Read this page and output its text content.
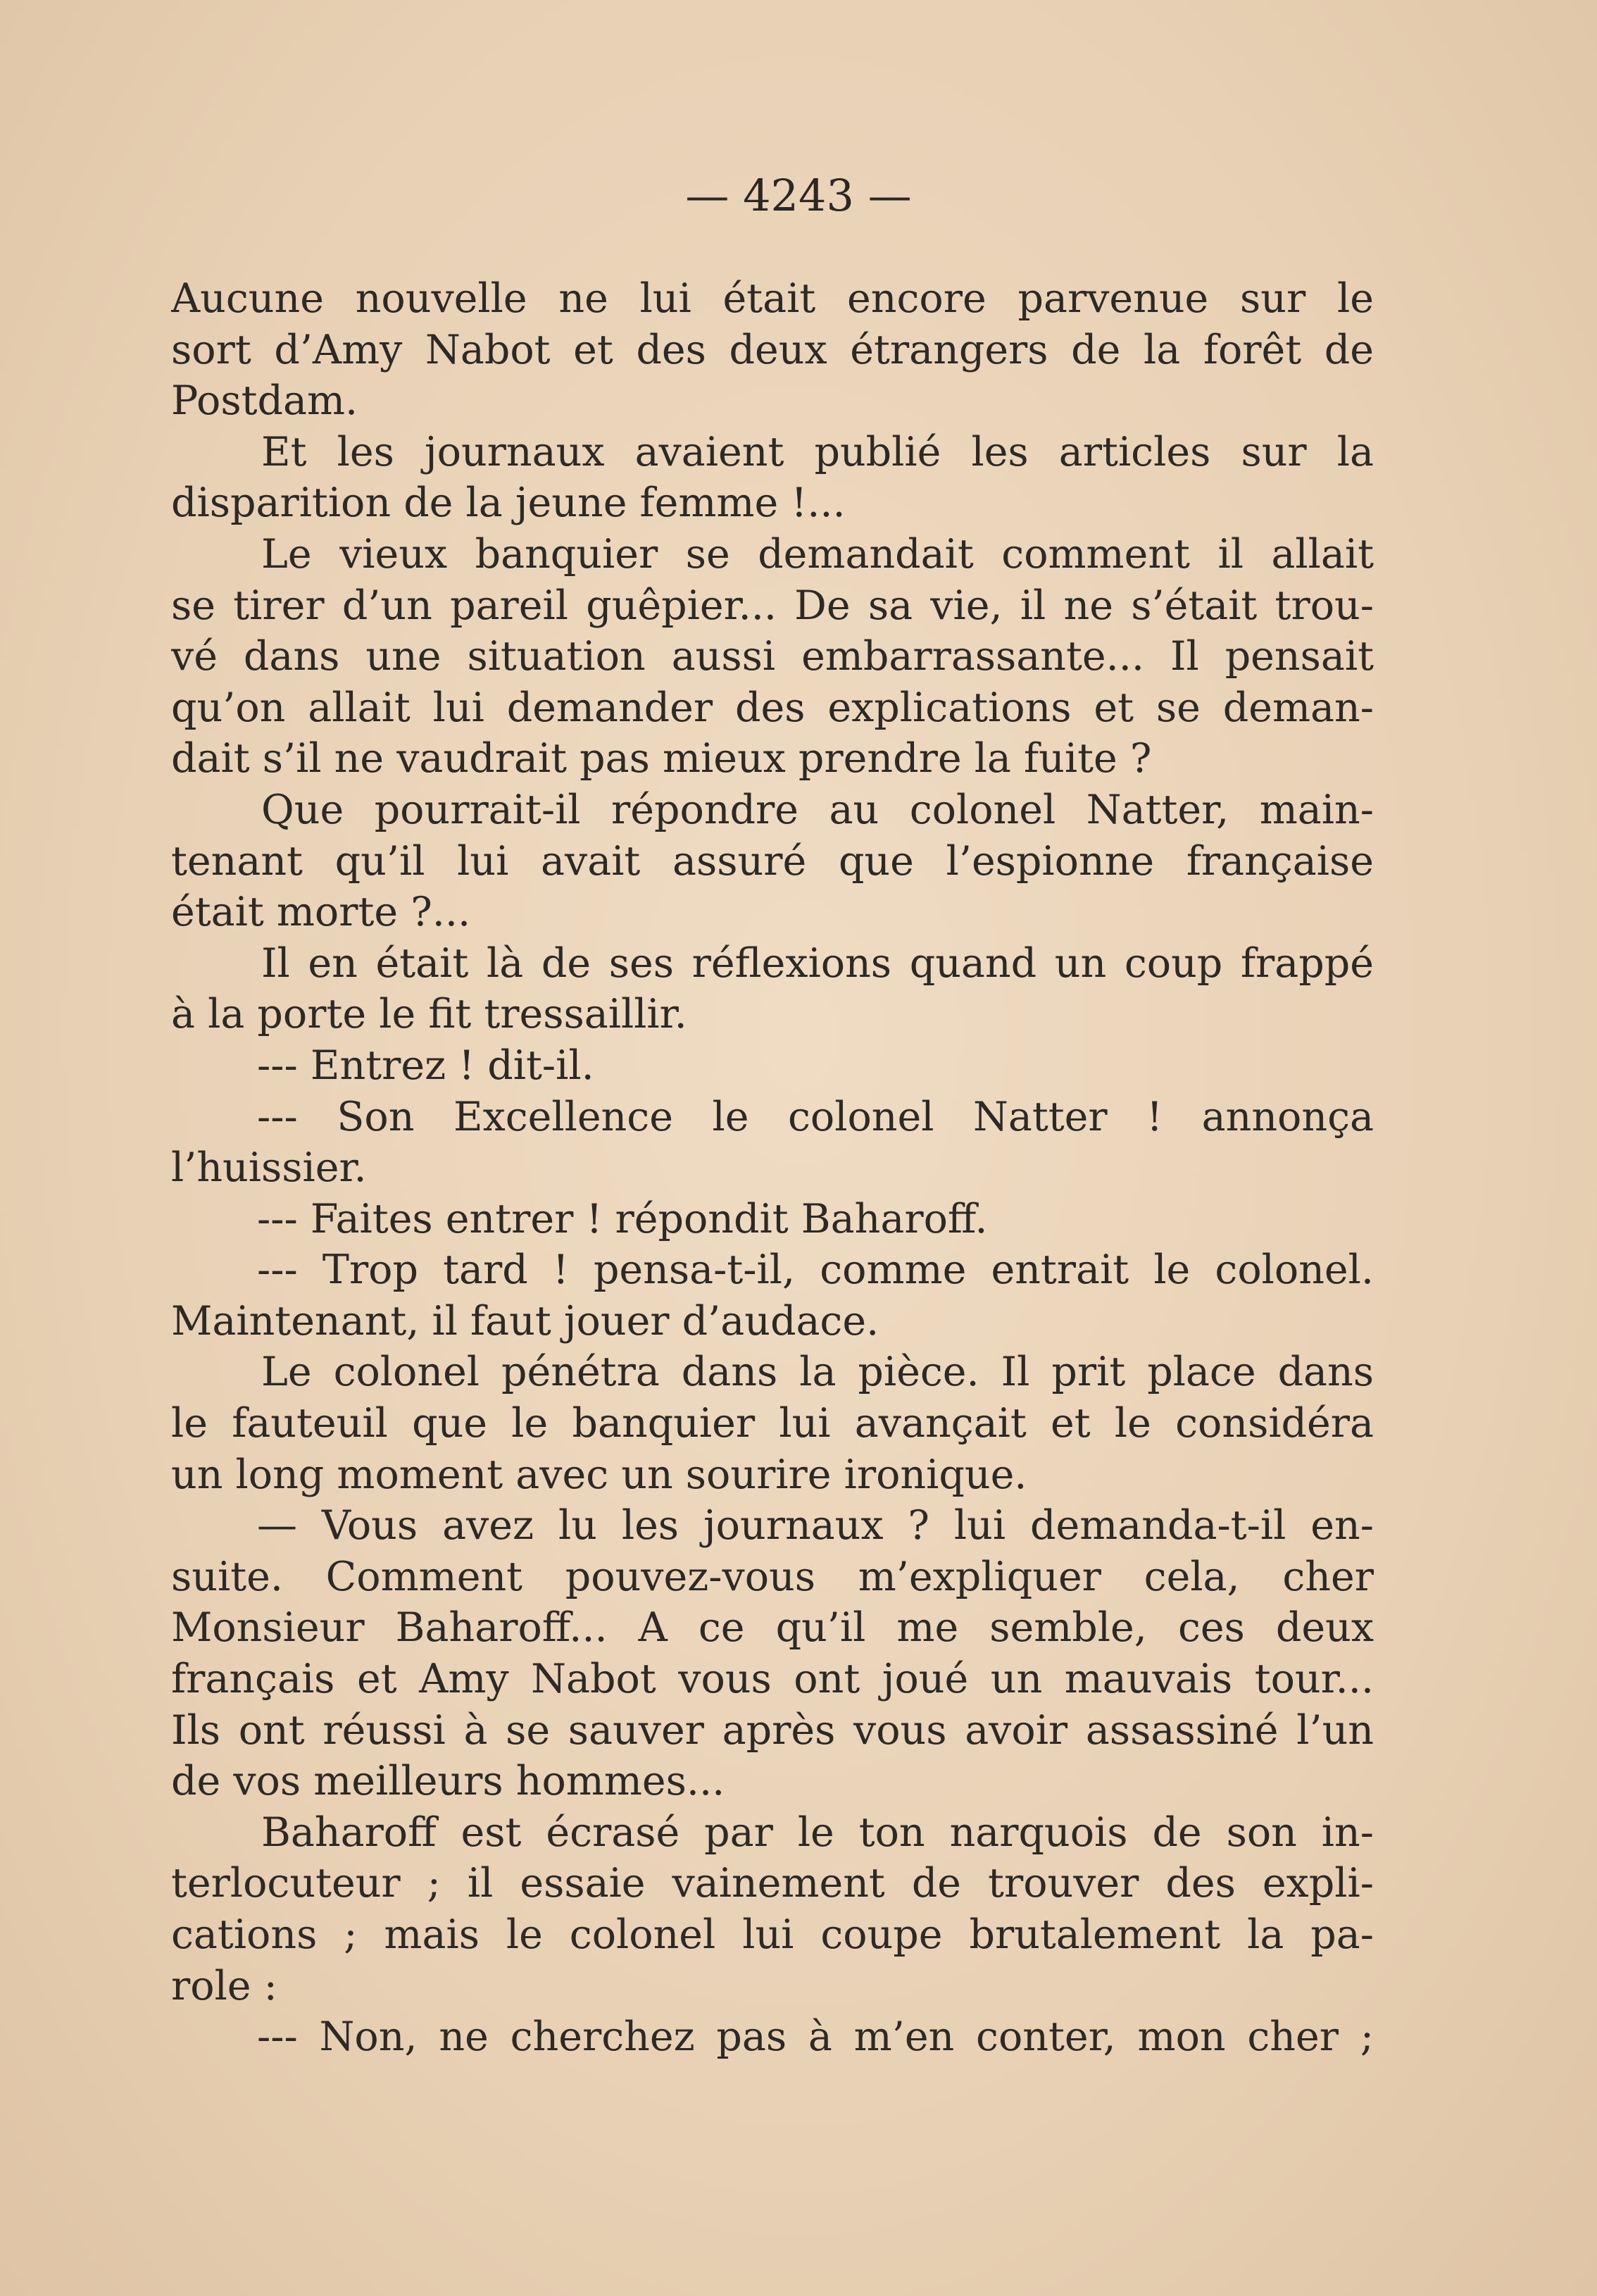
— 4243 —
Aucune nouvelle ne lui était encore parvenue sur le
sort d’Amy Nabot et des deux étrangers de la forêt de
Postdam.
Et les journaux avaient publié les articles sur la
disparition de la jeune femme !...
Le vieux banquier se demandait comment il allait
se tirer d’un pareil guêpier... De sa vie, il ne s’était trou-
vé dans une situation aussi embarrassante... Il pensait
qu’on allait lui demander des explications et se deman-
dait s’il ne vaudrait pas mieux prendre la fuite ?
Que pourrait-il répondre au colonel Natter, main-
tenant qu’il lui avait assuré que l’espionne française
était morte ?...
Il en était là de ses réflexions quand un coup frappé
à la porte le fit tressaillir.
--- Entrez ! dit-il.
--- Son Excellence le colonel Natter ! annonça
l’huissier.
--- Faites entrer ! répondit Baharoff.
--- Trop tard ! pensa-t-il, comme entrait le colonel.
Maintenant, il faut jouer d’audace.
Le colonel pénétra dans la pièce. Il prit place dans
le fauteuil que le banquier lui avançait et le considéra
un long moment avec un sourire ironique.
— Vous avez lu les journaux ? lui demanda-t-il en-
suite. Comment pouvez-vous m’expliquer cela, cher
Monsieur Baharoff... A ce qu’il me semble, ces deux
français et Amy Nabot vous ont joué un mauvais tour...
Ils ont réussi à se sauver après vous avoir assassiné l’un
de vos meilleurs hommes...
Baharoff est écrasé par le ton narquois de son in-
terlocuteur ; il essaie vainement de trouver des expli-
cations ; mais le colonel lui coupe brutalement la pa-
role :
--- Non, ne cherchez pas à m’en conter, mon cher ;
